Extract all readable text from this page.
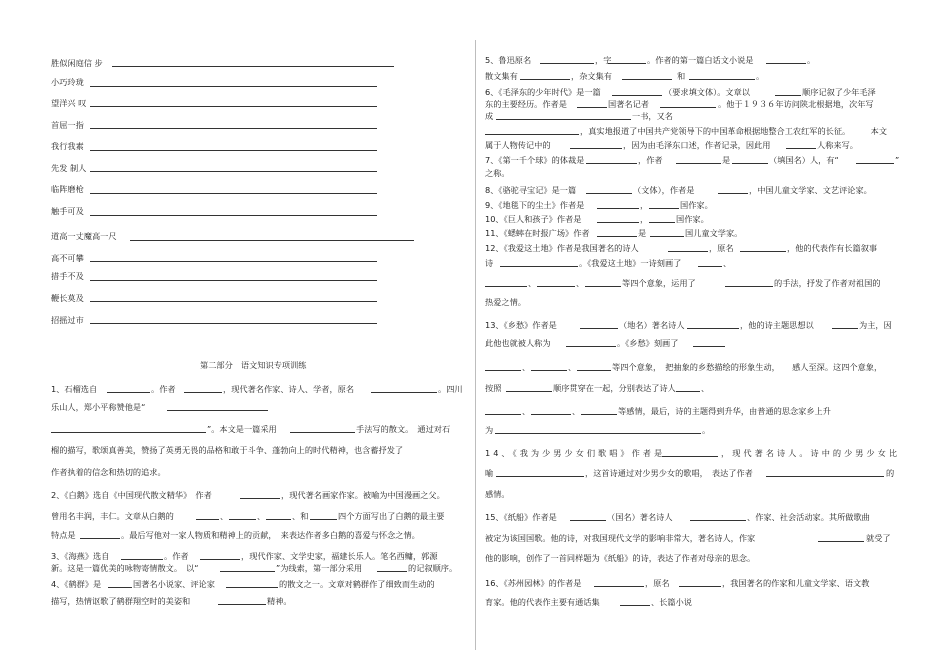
胜似闲庭信 步
小巧玲珑
望洋兴 叹
首屈一指
我行我素
先发 制人
临阵磨枪
触手可及
道高一丈魔高一尺
高不可攀
措手不及
鞭长莫及
招摇过市
第二部分　语文知识专项训练
1、石榴选自	。作者	，现代著名作家、诗人、学者，原名	。四川
乐山人，郑小平称赞他是“
”。本文是一篇采用	手法写的散文。　通过对石
榴的描写，歌颂真善美，赞扬了英勇无畏的品格和敢于斗争、蓬勃向上的时代精神，也含蓄抒发了
作者执着的信念和热切的追求。
2、《白鹅》选自《中国现代散文精华》　作者	，现代著名画家作家。被喻为中国漫画之父。
曾用名丰润，丰仁。文章从白鹅的	、	、	、和	四个方面写出了白鹅的最主要
特点是	。最后写他对一家人物质和精神上的贡献，　来表达作者多白鹅的喜爱与怀念之情。
3、《海燕》选自	。作者	，现代作家、文学史家，福建长乐人。笔名西鳙，郭源
新。这是一篇优美的咏物寄情散文。　以“	”为线索，第一部分采用	的记叙顺序。
4、《鹤群》是	国著名小说家、评论家	的散文之一。文章对鹤群作了细致而生动的
描写，热情讴歌了鹤群翔空时的美姿和	精神。
5、鲁迅原名	，字	。作者的第一篇白话文小说是	。
散文集有	，杂文集有	和	。
6、《毛泽东的少年时代》是一篇	（要求填文体）。文章以	顺序记叙了少年毛泽
东的主要经历。作者是	国著名记者	。他于１９３６年访问陕北根据地，次年写
成	一书，又名
，真实地报道了中国共产党领导下的中国革命根据地整合工农红军的长征。　　　本文
属于人物传记中的	，因为由毛泽东口述，作者记录，因此用	人称来写。
7、《第一千个球》的体裁是	，作者	是	（填国名）人，有“	”
之称。
8、《骆驼寻宝记》是一篇	（文体），作者是	，中国儿童文学家、文艺评论家。
9、《地毯下的尘土》作者是	，	国作家。
10、《巨人和孩子》作者是	，	国作家。
11、《蟋蟀在时报广场》作者	是	国儿童文学家。
12、《我爱这土地》作者是我国著名的诗人	，原名	，他的代表作有长篇叙事
诗	。《我爱这土地》一诗刻画了	、
、	、	等四个意象，运用了	的手法，抒发了作者对祖国的
热爱之情。
13、《乡愁》作者是	（地名）著名诗人	，他的诗主题思想以	为主，因
此他也就被人称为	。《乡愁》刻画了
、	、	等四个意象，　把抽象的乡愁描绘的形象生动，　　感人至深。这四个意象，
按照	顺序贯穿在一起，分别表达了诗人	、
、	、	等感情，最后，诗的主题得到升华，由普通的思念家乡上升
为	。
14、《我为少男少女们歌唱》作者是	，现代著名诗人。诗中的少男少女比
喻	，这首诗通过对少男少女的歌唱，　表达了作者	的
感情。
15、《纸船》作者是	（国名）著名诗人	、作家、社会活动家。其所做歌曲
被定为该国国歌。他的诗，对我国现代文学的影响非常大，著名诗人，作家	就受了
他的影响，创作了一首同样题为《纸船》的诗，表达了作者对母亲的思念。
16、《苏州园林》的作者是	，原名	，我国著名的作家和儿童文学家、语文教
育家。他的代表作主要有通话集	、长篇小说
